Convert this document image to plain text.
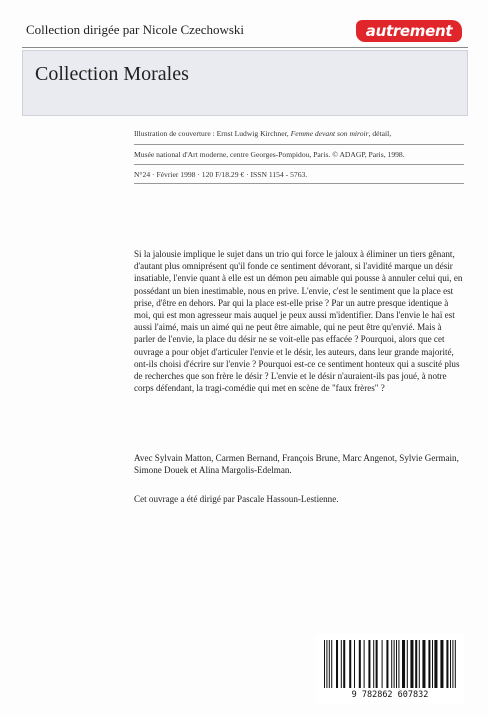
Collection dirigée par Nicole Czechowski	autrement
Collection Morales
Illustration de couverture : Ernst Ludwig Kirchner, Femme devant son miroir, détail,
Musée national d'Art moderne, centre Georges-Pompidou, Paris. © ADAGP, Paris, 1998.
N°24 · Février 1998 · 120 F/18.29 € · ISSN 1154 - 5763.

Si la jalousie implique le sujet dans un trio qui force le jaloux à éliminer un tiers gênant, d'autant plus omniprésent qu'il fonde ce sentiment dévorant, si l'avidité marque un désir insatiable, l'envie quant à elle est un démon peu aimable qui pousse à annuler celui qui, en possédant un bien inestimable, nous en prive. L'envie, c'est le sentiment que la place est prise, d'être en dehors. Par qui la place est-elle prise ? Par un autre presque identique à moi, qui est mon agresseur mais auquel je peux aussi m'identifier. Dans l'envie le haï est aussi l'aimé, mais un aimé qui ne peut être aimable, qui ne peut être qu'envié. Mais à parler de l'envie, la place du désir ne se voit-elle pas effacée ? Pourquoi, alors que cet ouvrage a pour objet d'articuler l'envie et le désir, les auteurs, dans leur grande majorité, ont-ils choisi d'écrire sur l'envie ? Pourquoi est-ce ce sentiment honteux qui a suscité plus de recherches que son frère le désir ? L'envie et le désir n'auraient-ils pas joué, à notre corps défendant, la tragi-comédie qui met en scène de "faux frères" ?

Avec Sylvain Matton, Carmen Bernand, François Brune, Marc Angenot, Sylvie Germain, Simone Douek et Alina Margolis-Edelman.
Cet ouvrage a été dirigé par Pascale Hassoun-Lestienne.
9 782862 607832
